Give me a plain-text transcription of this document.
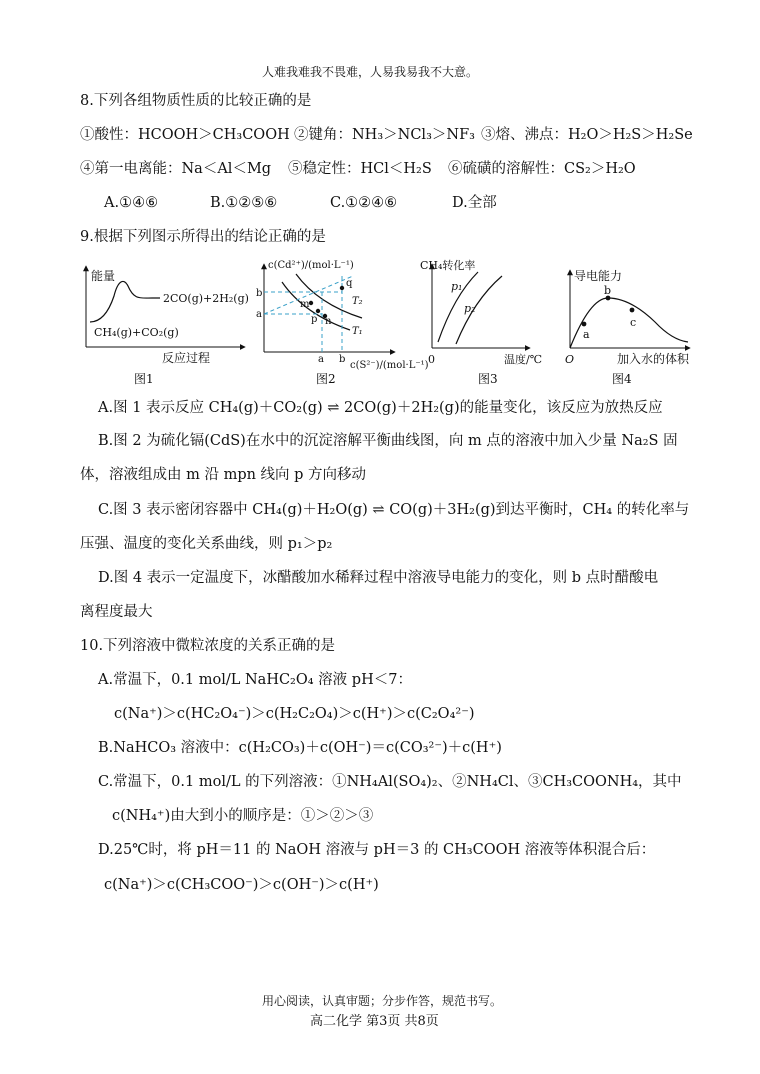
人难我难我不畏难，人易我易我不大意。
8.下列各组物质性质的比较正确的是
①酸性：HCOOH＞CH₃COOH ②键角：NH₃＞NCl₃＞NF₃ ③熔、沸点：H₂O＞H₂S＞H₂Se
④第一电离能：Na＜Al＜Mg ⑤稳定性：HCl＜H₂S ⑥硫磺的溶解性：CS₂＞H₂O
A.①④⑥	B.①②⑤⑥	C.①②④⑥	D.全部
9.根据下列图示所得出的结论正确的是
能量
2CO(g)+2H₂(g)
CH₄(g)+CO₂(g)
反应过程
图1
c(Cd²⁺)/(mol·L⁻¹)
b
a
m
p n
q
T₂
T₁
a b
c(S²⁻)/(mol·L⁻¹)
图2
CH₄转化率
p₁
p₂
0	温度/℃
图3
导电能力
a
b
c
O	加入水的体积
图4
A.图 1 表示反应 CH₄(g)＋CO₂(g) ⇌ 2CO(g)＋2H₂(g)的能量变化，该反应为放热反应
B.图 2 为硫化镉(CdS)在水中的沉淀溶解平衡曲线图，向 m 点的溶液中加入少量 Na₂S 固
体，溶液组成由 m 沿 mpn 线向 p 方向移动
C.图 3 表示密闭容器中 CH₄(g)＋H₂O(g) ⇌ CO(g)＋3H₂(g)到达平衡时，CH₄ 的转化率与
压强、温度的变化关系曲线，则 p₁＞p₂
D.图 4 表示一定温度下，冰醋酸加水稀释过程中溶液导电能力的变化，则 b 点时醋酸电
离程度最大
10.下列溶液中微粒浓度的关系正确的是
A.常温下，0.1 mol/L NaHC₂O₄ 溶液 pH＜7：
c(Na⁺)＞c(HC₂O₄⁻)＞c(H₂C₂O₄)＞c(H⁺)＞c(C₂O₄²⁻)
B.NaHCO₃ 溶液中：c(H₂CO₃)＋c(OH⁻)＝c(CO₃²⁻)＋c(H⁺)
C.常温下，0.1 mol/L 的下列溶液：①NH₄Al(SO₄)₂、②NH₄Cl、③CH₃COONH₄，其中
c(NH₄⁺)由大到小的顺序是：①＞②＞③
D.25℃时，将 pH＝11 的 NaOH 溶液与 pH＝3 的 CH₃COOH 溶液等体积混合后：
c(Na⁺)＞c(CH₃COO⁻)＞c(OH⁻)＞c(H⁺)
用心阅读，认真审题；分步作答，规范书写。
高二化学 第3页 共8页
